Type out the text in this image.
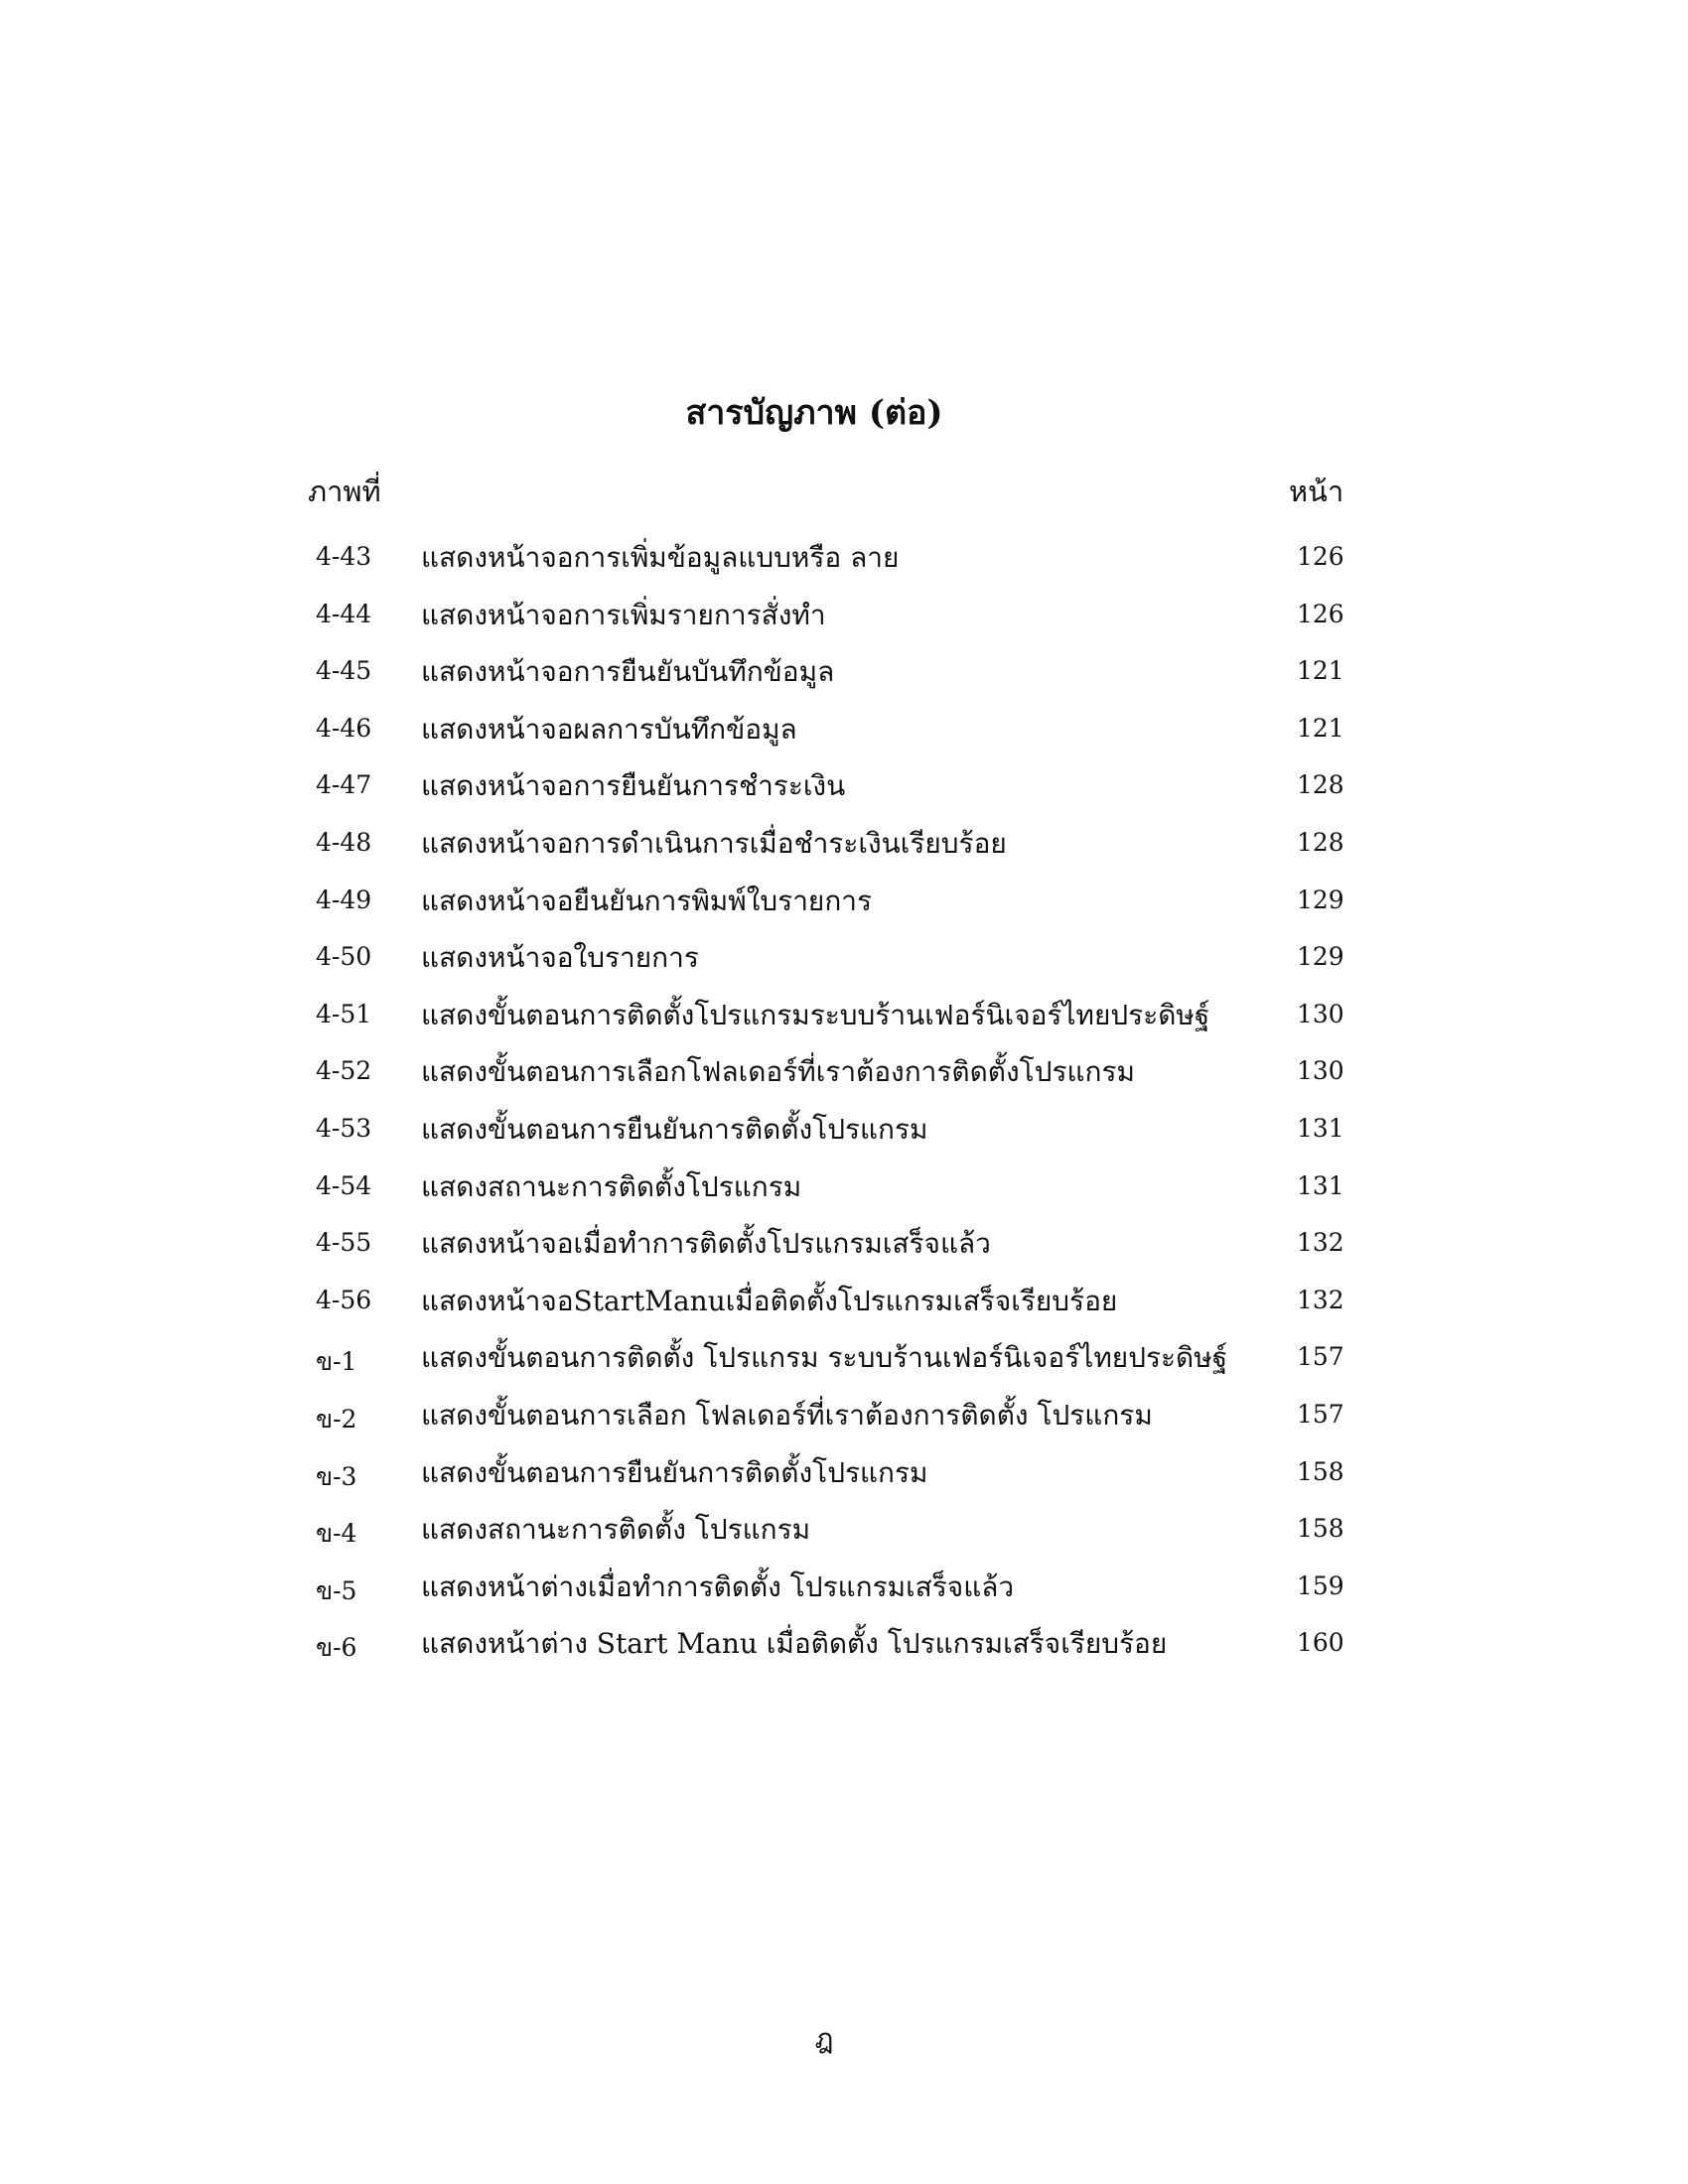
สารบัญภาพ (ต่อ)
ภาพที่	หน้า
4-43 แสดงหน้าจอการเพิ่มข้อมูลแบบหรือ ลาย	126
4-44 แสดงหน้าจอการเพิ่มรายการสั่งทำ	126
4-45 แสดงหน้าจอการยืนยันบันทึกข้อมูล	121
4-46 แสดงหน้าจอผลการบันทึกข้อมูล	121
4-47 แสดงหน้าจอการยืนยันการชำระเงิน	128
4-48 แสดงหน้าจอการดำเนินการเมื่อชำระเงินเรียบร้อย	128
4-49 แสดงหน้าจอยืนยันการพิมพ์ใบรายการ	129
4-50 แสดงหน้าจอใบรายการ	129
4-51 แสดงขั้นตอนการติดตั้งโปรแกรมระบบร้านเฟอร์นิเจอร์ไทยประดิษฐ์	130
4-52 แสดงขั้นตอนการเลือกโฟลเดอร์ที่เราต้องการติดตั้งโปรแกรม	130
4-53 แสดงขั้นตอนการยืนยันการติดตั้งโปรแกรม	131
4-54 แสดงสถานะการติดตั้งโปรแกรม	131
4-55 แสดงหน้าจอเมื่อทำการติดตั้งโปรแกรมเสร็จแล้ว	132
4-56 แสดงหน้าจอStartManuเมื่อติดตั้งโปรแกรมเสร็จเรียบร้อย	132
ข-1 แสดงขั้นตอนการติดตั้ง โปรแกรม ระบบร้านเฟอร์นิเจอร์ไทยประดิษฐ์	157
ข-2 แสดงขั้นตอนการเลือก โฟลเดอร์ที่เราต้องการติดตั้ง โปรแกรม	157
ข-3 แสดงขั้นตอนการยืนยันการติดตั้งโปรแกรม	158
ข-4 แสดงสถานะการติดตั้ง โปรแกรม	158
ข-5 แสดงหน้าต่างเมื่อทำการติดตั้ง โปรแกรมเสร็จแล้ว	159
ข-6 แสดงหน้าต่าง Start Manu เมื่อติดตั้ง โปรแกรมเสร็จเรียบร้อย	160
ฎ
